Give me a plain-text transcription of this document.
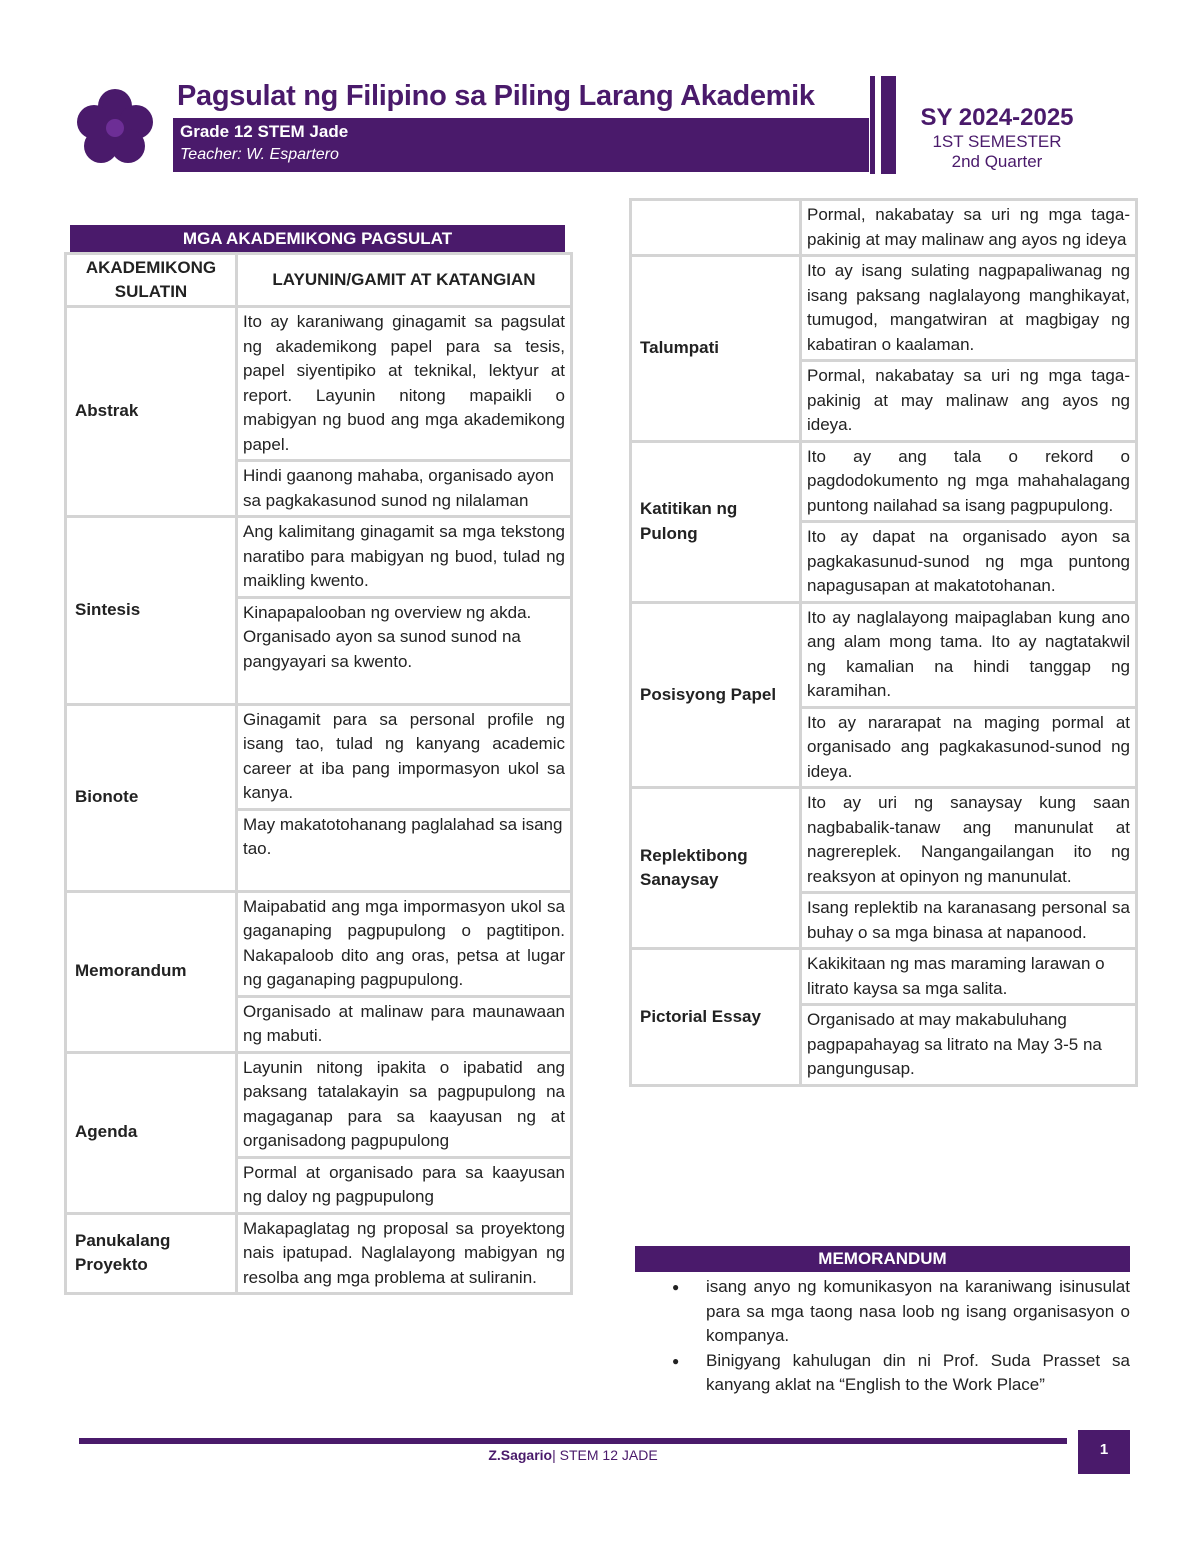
Pagsulat ng Filipino sa Piling Larang Akademik
Grade 12 STEM Jade
Teacher: W. Espartero
SY 2024-2025
1ST SEMESTER
2nd Quarter
MGA AKADEMIKONG PAGSULAT
AKADEMIKONG SULATIN
LAYUNIN/GAMIT AT KATANGIAN
Abstrak
Ito ay karaniwang ginagamit sa pagsulat ng akademikong papel para sa tesis, papel siyentipiko at teknikal, lektyur at report. Layunin nitong mapaikli o mabigyan ng buod ang mga akademikong papel.
Hindi gaanong mahaba, organisado ayon sa pagkakasunod sunod ng nilalaman
Sintesis
Ang kalimitang ginagamit sa mga tekstong naratibo para mabigyan ng buod, tulad ng maikling kwento.
Kinapapalooban ng overview ng akda. Organisado ayon sa sunod sunod na pangyayari sa kwento.
Bionote
Ginagamit para sa personal profile ng isang tao, tulad ng kanyang academic career at iba pang impormasyon ukol sa kanya.
May makatotohanang paglalahad sa isang tao.
Memorandum
Maipabatid ang mga impormasyon ukol sa gaganaping pagpupulong o pagtitipon. Nakapaloob dito ang oras, petsa at lugar ng gaganaping pagpupulong.
Organisado at malinaw para maunawaan ng mabuti.
Agenda
Layunin nitong ipakita o ipabatid ang paksang tatalakayin sa pagpupulong na magaganap para sa kaayusan ng at organisadong pagpupulong
Pormal at organisado para sa kaayusan ng daloy ng pagpupulong
Panukalang Proyekto
Makapaglatag ng proposal sa proyektong nais ipatupad. Naglalayong mabigyan ng resolba ang mga problema at suliranin.
Pormal, nakabatay sa uri ng mga taga- pakinig at may malinaw ang ayos ng ideya
Talumpati
Ito ay isang sulating nagpapaliwanag ng isang paksang naglalayong manghikayat, tumugod, mangatwiran at magbigay ng kabatiran o kaalaman.
Pormal, nakabatay sa uri ng mga taga- pakinig at may malinaw ang ayos ng ideya.
Katitikan ng Pulong
Ito ay ang tala o rekord o pagdodokumento ng mga mahahalagang puntong nailahad sa isang pagpupulong.
Ito ay dapat na organisado ayon sa pagkakasunud-sunod ng mga puntong napagusapan at makatotohanan.
Posisyong Papel
Ito ay naglalayong maipaglaban kung ano ang alam mong tama. Ito ay nagtatakwil ng kamalian na hindi tanggap ng karamihan.
Ito ay nararapat na maging pormal at organisado ang pagkakasunod-sunod ng ideya.
Replektibong Sanaysay
Ito ay uri ng sanaysay kung saan nagbabalik-tanaw ang manunulat at nagrereplek. Nangangailangan ito ng reaksyon at opinyon ng manunulat.
Isang replektib na karanasang personal sa buhay o sa mga binasa at napanood.
Pictorial Essay
Kakikitaan ng mas maraming larawan o litrato kaysa sa mga salita.
Organisado at may makabuluhang pagpapahayag sa litrato na May 3-5 na pangungusap.
MEMORANDUM
● isang anyo ng komunikasyon na karaniwang isinusulat para sa mga taong nasa loob ng isang organisasyon o kompanya.
● Binigyang kahulugan din ni Prof. Suda Prasset sa kanyang aklat na “English to the Work Place”
Z.Sagario| STEM 12 JADE	1
